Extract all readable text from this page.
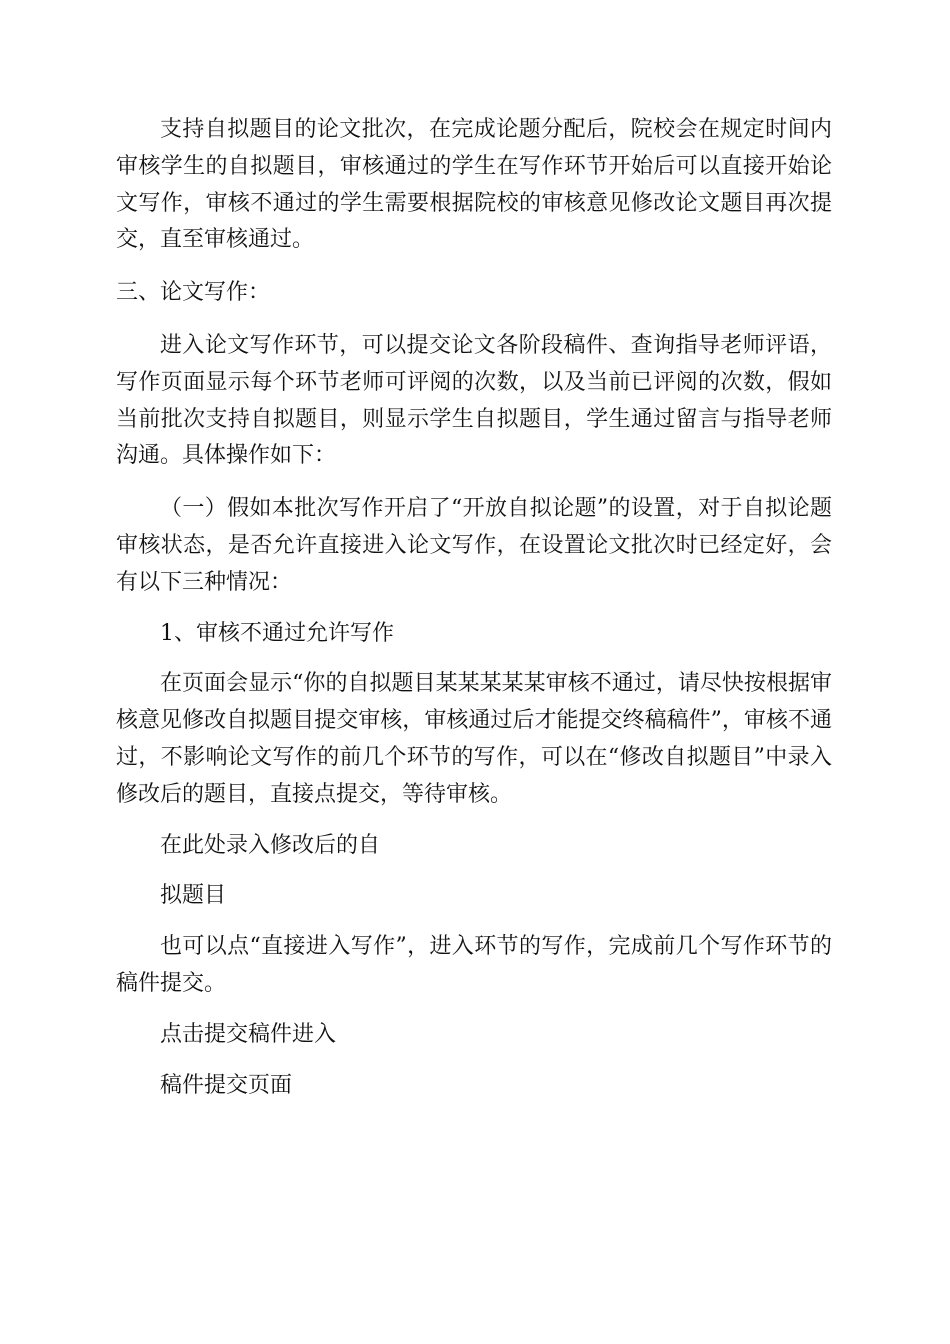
支持自拟题目的论文批次，在完成论题分配后，院校会在规定时间内审核学生的自拟题目，审核通过的学生在写作环节开始后可以直接开始论文写作，审核不通过的学生需要根据院校的审核意见修改论文题目再次提交，直至审核通过。

三、论文写作：

进入论文写作环节，可以提交论文各阶段稿件、查询指导老师评语，写作页面显示每个环节老师可评阅的次数，以及当前已评阅的次数，假如当前批次支持自拟题目，则显示学生自拟题目，学生通过留言与指导老师沟通。具体操作如下：

（一）假如本批次写作开启了“开放自拟论题”的设置，对于自拟论题审核状态，是否允许直接进入论文写作，在设置论文批次时已经定好，会有以下三种情况：

1、审核不通过允许写作

在页面会显示“你的自拟题目某某某某某审核不通过，请尽快按根据审核意见修改自拟题目提交审核，审核通过后才能提交终稿稿件”，审核不通过，不影响论文写作的前几个环节的写作，可以在“修改自拟题目”中录入修改后的题目，直接点提交，等待审核。

在此处录入修改后的自

拟题目

也可以点“直接进入写作”，进入环节的写作，完成前几个写作环节的稿件提交。

点击提交稿件进入

稿件提交页面
